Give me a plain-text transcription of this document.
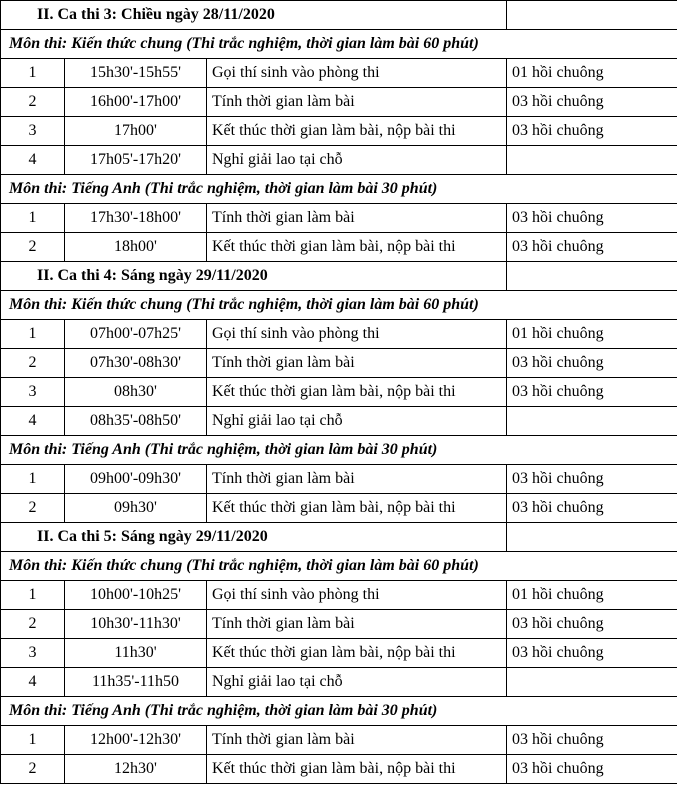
II. Ca thi 3: Chiều ngày 28/11/2020			
Môn thi: Kiến thức chung (Thi trắc nghiệm, thời gian làm bài 60 phút)			
1	15h30'-15h55'	Gọi thí sinh vào phòng thi	01 hồi chuông
2	16h00'-17h00'	Tính thời gian làm bài	03 hồi chuông
3	17h00'	Kết thúc thời gian làm bài, nộp bài thi	03 hồi chuông
4	17h05'-17h20'	Nghỉ giải lao tại chỗ	
Môn thi: Tiếng Anh (Thi trắc nghiệm, thời gian làm bài 30 phút)			
1	17h30'-18h00'	Tính thời gian làm bài	03 hồi chuông
2	18h00'	Kết thúc thời gian làm bài, nộp bài thi	03 hồi chuông
II. Ca thi 4: Sáng ngày 29/11/2020			
Môn thi: Kiến thức chung (Thi trắc nghiệm, thời gian làm bài 60 phút)			
1	07h00'-07h25'	Gọi thí sinh vào phòng thi	01 hồi chuông
2	07h30'-08h30'	Tính thời gian làm bài	03 hồi chuông
3	08h30'	Kết thúc thời gian làm bài, nộp bài thi	03 hồi chuông
4	08h35'-08h50'	Nghỉ giải lao tại chỗ	
Môn thi: Tiếng Anh (Thi trắc nghiệm, thời gian làm bài 30 phút)			
1	09h00'-09h30'	Tính thời gian làm bài	03 hồi chuông
2	09h30'	Kết thúc thời gian làm bài, nộp bài thi	03 hồi chuông
II. Ca thi 5: Sáng ngày 29/11/2020			
Môn thi: Kiến thức chung (Thi trắc nghiệm, thời gian làm bài 60 phút)			
1	10h00'-10h25'	Gọi thí sinh vào phòng thi	01 hồi chuông
2	10h30'-11h30'	Tính thời gian làm bài	03 hồi chuông
3	11h30'	Kết thúc thời gian làm bài, nộp bài thi	03 hồi chuông
4	11h35'-11h50	Nghỉ giải lao tại chỗ	
Môn thi: Tiếng Anh (Thi trắc nghiệm, thời gian làm bài 30 phút)			
1	12h00'-12h30'	Tính thời gian làm bài	03 hồi chuông
2	12h30'	Kết thúc thời gian làm bài, nộp bài thi	03 hồi chuông
